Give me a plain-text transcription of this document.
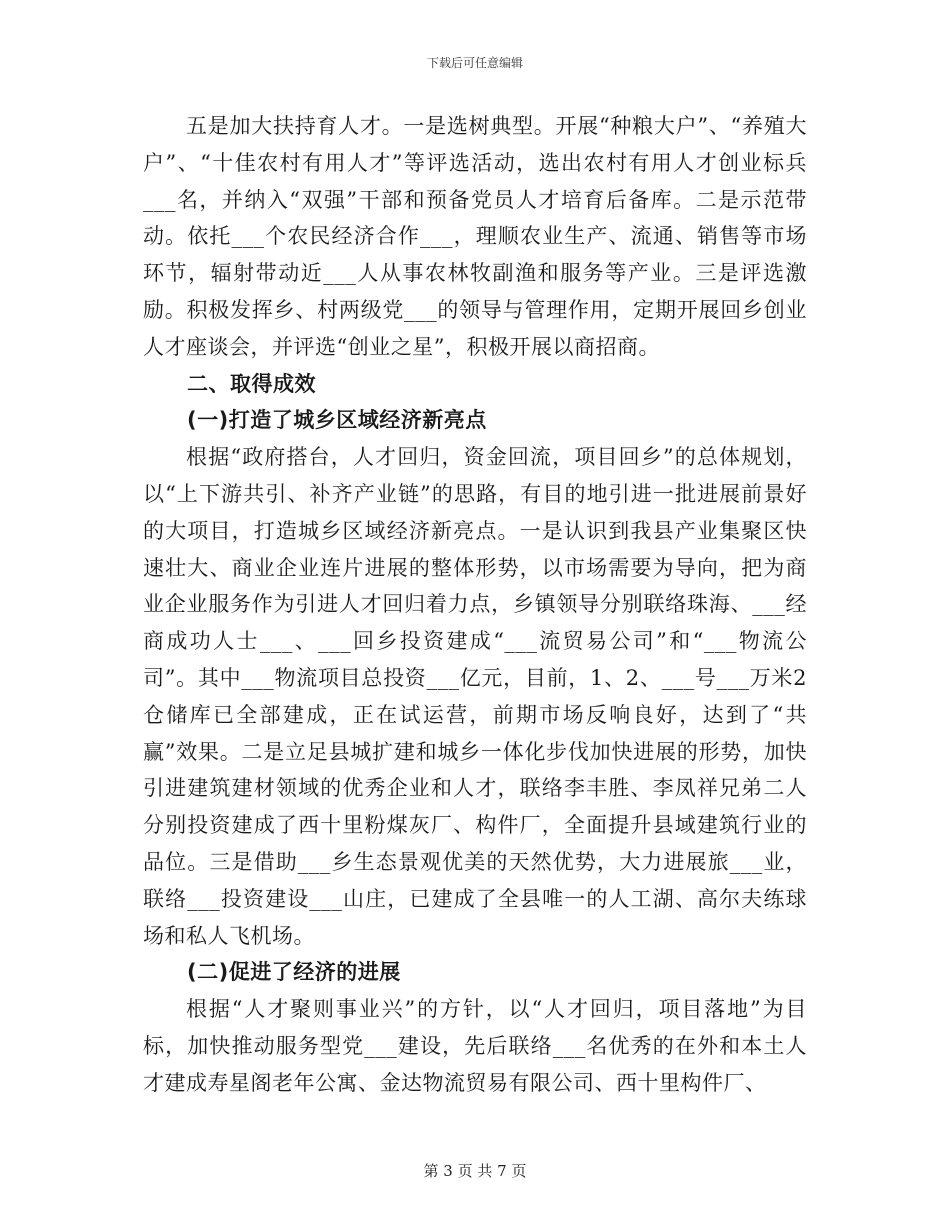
下载后可任意编辑

五是加大扶持育人才。一是选树典型。开展“种粮大户”、“养殖大户”、“十佳农村有用人才”等评选活动，选出农村有用人才创业标兵___名，并纳入“双强”干部和预备党员人才培育后备库。二是示范带动。依托___个农民经济合作___，理顺农业生产、流通、销售等市场环节，辐射带动近___人从事农林牧副渔和服务等产业。三是评选激励。积极发挥乡、村两级党___的领导与管理作用，定期开展回乡创业人才座谈会，并评选“创业之星”，积极开展以商招商。

二、取得成效

(一)打造了城乡区域经济新亮点

根据“政府搭台，人才回归，资金回流，项目回乡”的总体规划，以“上下游共引、补齐产业链”的思路，有目的地引进一批进展前景好的大项目，打造城乡区域经济新亮点。一是认识到我县产业集聚区快速壮大、商业企业连片进展的整体形势，以市场需要为导向，把为商业企业服务作为引进人才回归着力点，乡镇领导分别联络珠海、___经商成功人士___、___回乡投资建成“___流贸易公司”和“___物流公司”。其中___物流项目总投资___亿元，目前，1、2、___号___万米2仓储库已全部建成，正在试运营，前期市场反响良好，达到了“共赢”效果。二是立足县城扩建和城乡一体化步伐加快进展的形势，加快引进建筑建材领域的优秀企业和人才，联络李丰胜、李凤祥兄弟二人分别投资建成了西十里粉煤灰厂、构件厂，全面提升县域建筑行业的品位。三是借助___乡生态景观优美的天然优势，大力进展旅___业，联络___投资建设___山庄，已建成了全县唯一的人工湖、高尔夫练球场和私人飞机场。

(二)促进了经济的进展

根据“人才聚则事业兴”的方针，以“人才回归，项目落地”为目标，加快推动服务型党___建设，先后联络___名优秀的在外和本土人才建成寿星阁老年公寓、金达物流贸易有限公司、西十里构件厂、

第 3 页 共 7 页
